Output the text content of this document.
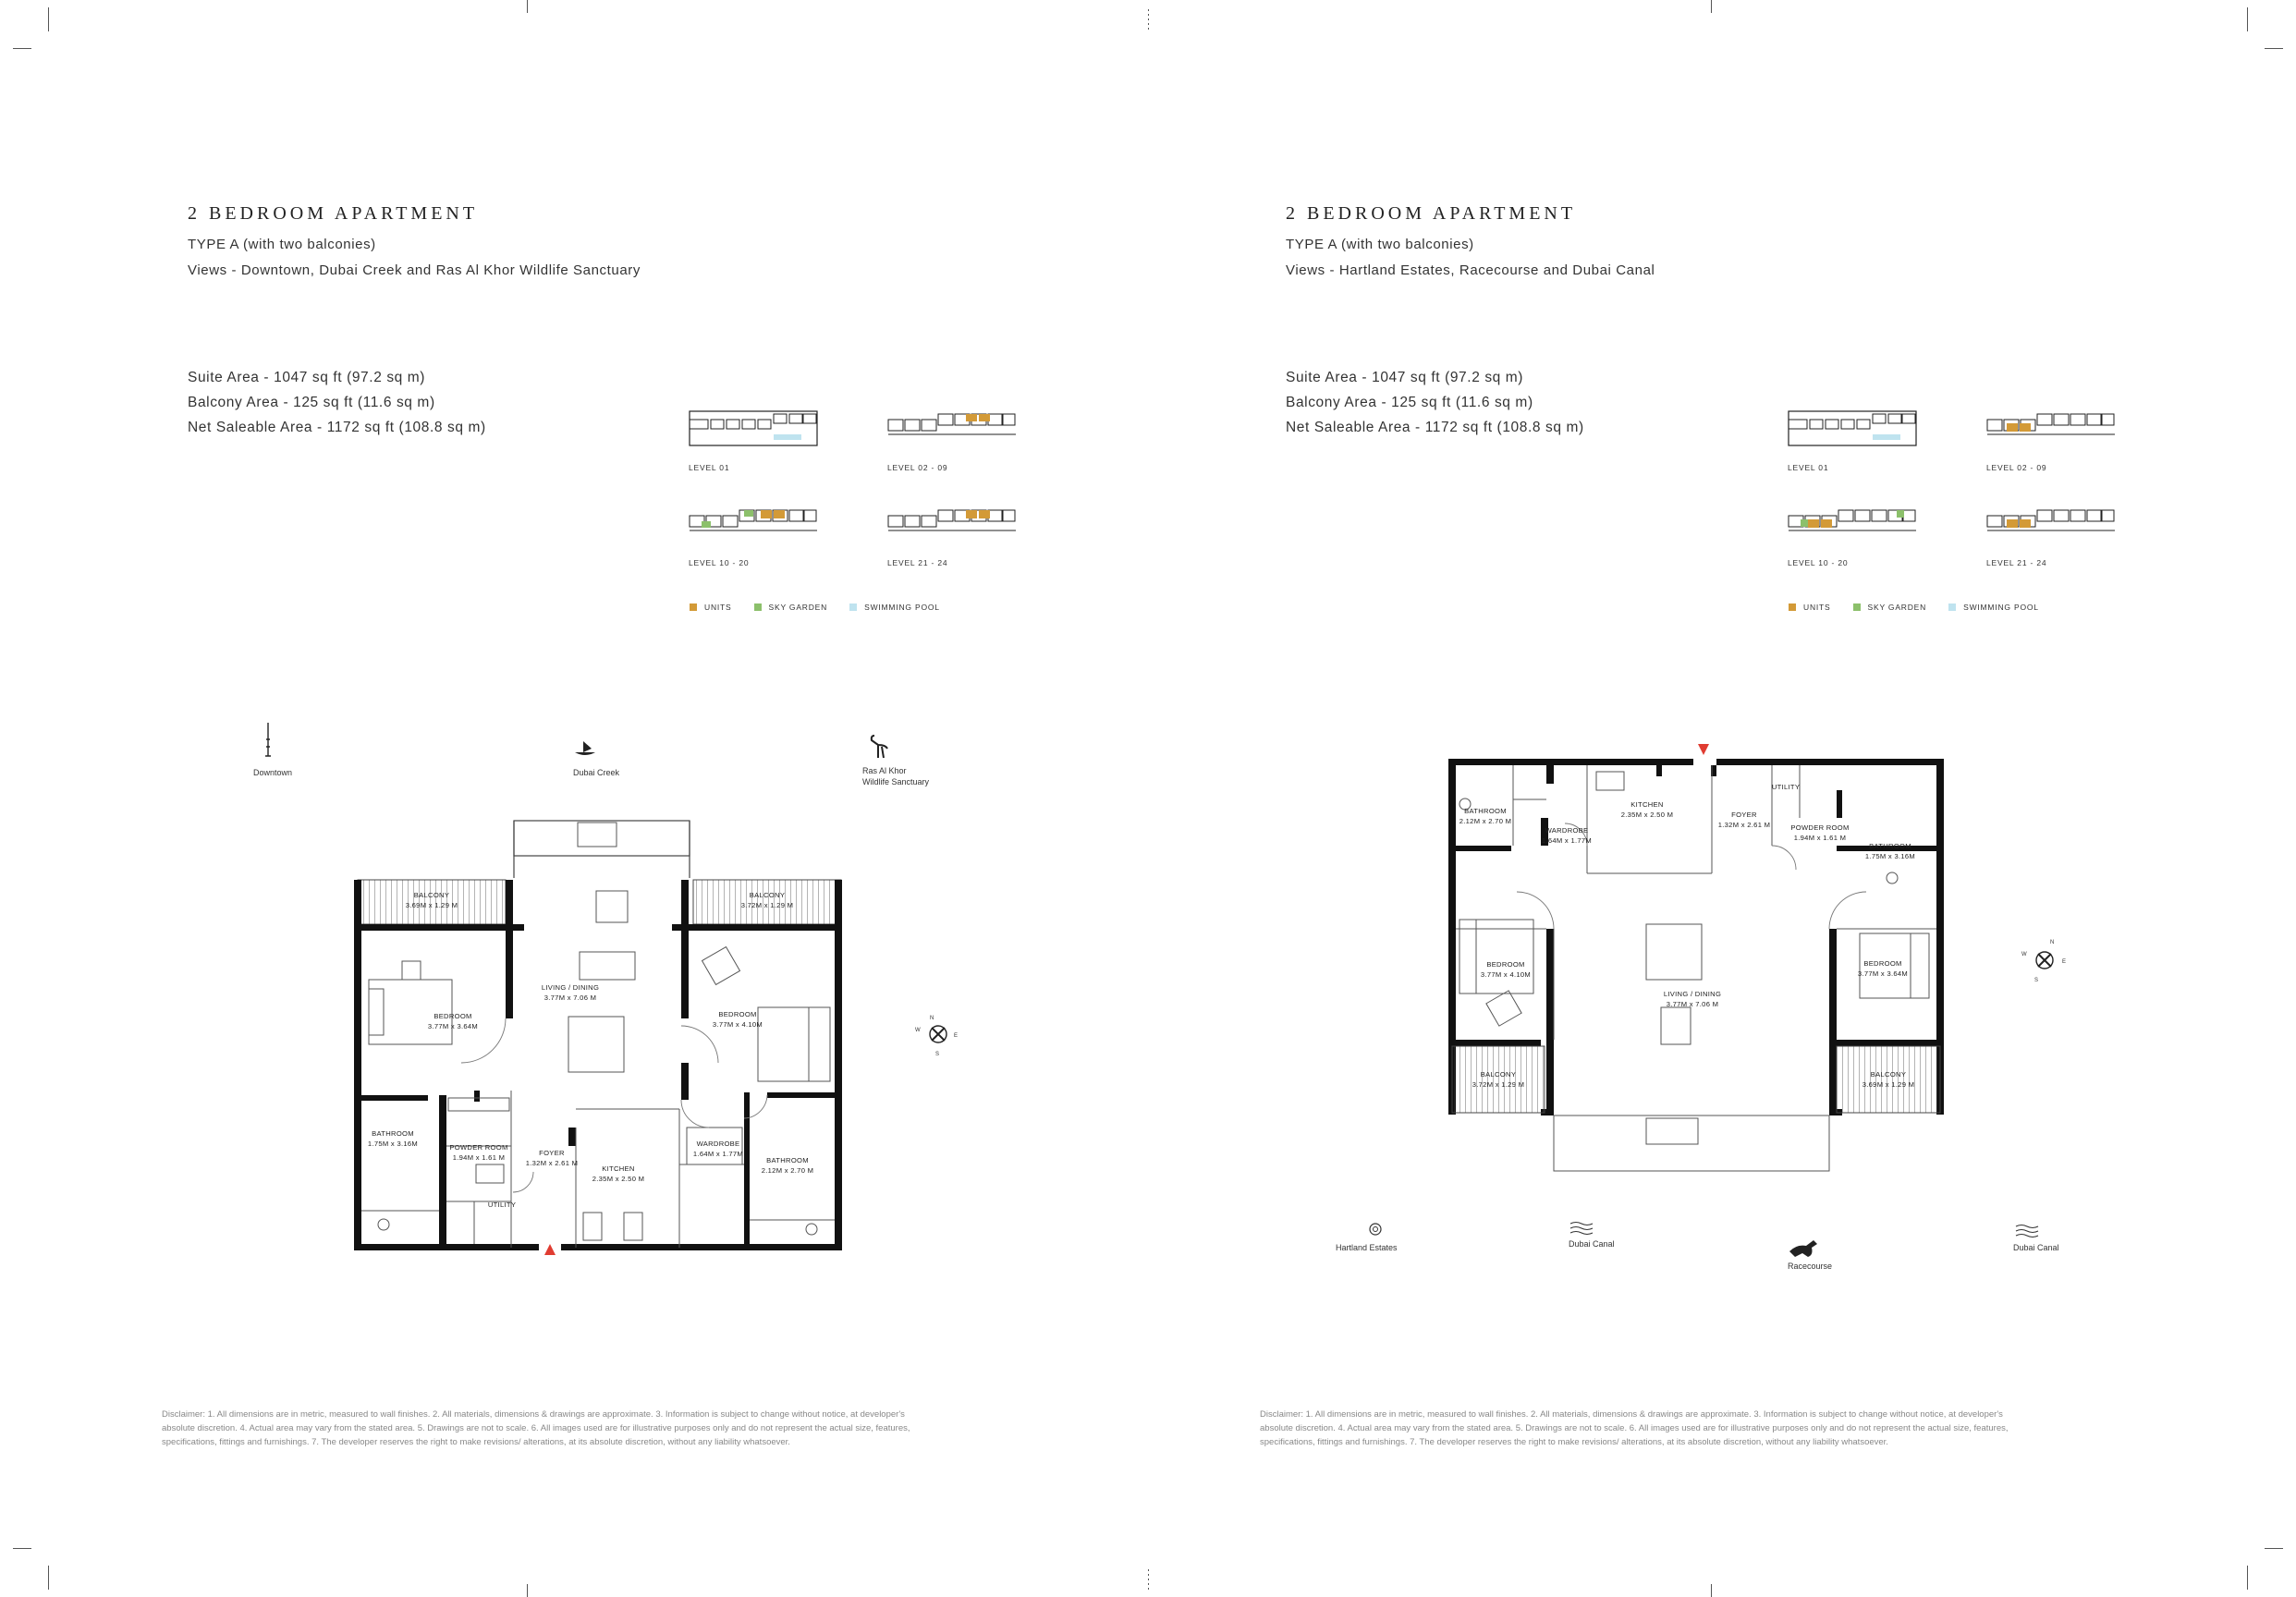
2 BEDROOM APARTMENT
TYPE A (with two balconies)
Views - Downtown, Dubai Creek and Ras Al Khor Wildlife Sanctuary
Suite Area - 1047 sq ft (97.2 sq m)
Balcony Area - 125 sq ft (11.6 sq m)
Net Saleable Area - 1172 sq ft (108.8 sq m)
LEVEL 01	LEVEL 02 - 09
LEVEL 10 - 20	LEVEL 21 - 24
UNITS	SKY GARDEN	SWIMMING POOL
Downtown	Dubai Creek	Ras Al Khor
Wildlife Sanctuary
BALCONY
3.69M x 1.29 M
BALCONY
3.72M x 1.29 M
LIVING / DINING
3.77M x 7.06 M
BEDROOM
3.77M x 3.64M
BEDROOM
3.77M x 4.10M
BATHROOM
1.75M x 3.16M	POWDER ROOM
1.94M x 1.61 M
FOYER
1.32M x 2.61 M
KITCHEN
2.35M x 2.50 M
WARDROBE
1.64M x 1.77M
BATHROOM
2.12M x 2.70 M
UTILITY
N
E
S
W
Disclaimer: 1. All dimensions are in metric, measured to wall finishes. 2. All materials, dimensions & drawings are approximate. 3. Information is subject to change without notice, at developer's
absolute discretion. 4. Actual area may vary from the stated area. 5. Drawings are not to scale. 6. All images used are for illustrative purposes only and do not represent the actual size, features,
specifications, fittings and furnishings. 7. The developer reserves the right to make revisions/ alterations, at its absolute discretion, without any liability whatsoever.
2 BEDROOM APARTMENT
TYPE A (with two balconies)
Views - Hartland Estates, Racecourse and Dubai Canal
Suite Area - 1047 sq ft (97.2 sq m)
Balcony Area - 125 sq ft (11.6 sq m)
Net Saleable Area - 1172 sq ft (108.8 sq m)
LEVEL 01	LEVEL 02 - 09
LEVEL 10 - 20	LEVEL 21 - 24
UNITS	SKY GARDEN	SWIMMING POOL
BATHROOM
2.12M x 2.70 M
WARDROBE
1.64M x 1.77M
KITCHEN
2.35M x 2.50 M	FOYER
1.32M x 2.61 M
UTILITY
POWDER ROOM
1.94M x 1.61 M
BATHROOM
1.75M x 3.16M
BEDROOM
3.77M x 4.10M
BEDROOM
3.77M x 3.64M
LIVING / DINING
3.77M x 7.06 M
BALCONY
3.72M x 1.29 M
BALCONY
3.69M x 1.29 M
N
E
S
W
Hartland Estates	Dubai Canal
Racecourse
Dubai Canal
Disclaimer: 1. All dimensions are in metric, measured to wall finishes. 2. All materials, dimensions & drawings are approximate. 3. Information is subject to change without notice, at developer's
absolute discretion. 4. Actual area may vary from the stated area. 5. Drawings are not to scale. 6. All images used are for illustrative purposes only and do not represent the actual size, features,
specifications, fittings and furnishings. 7. The developer reserves the right to make revisions/ alterations, at its absolute discretion, without any liability whatsoever.
